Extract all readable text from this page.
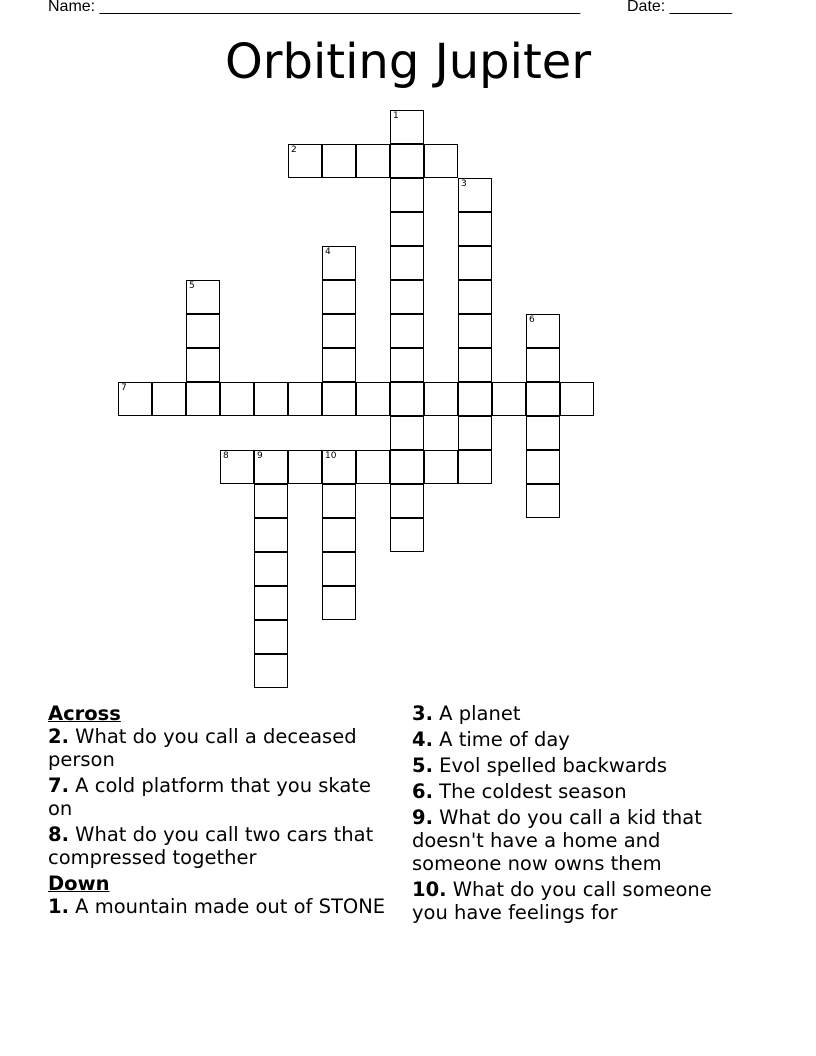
Name: ______________________________________________________	Date: _______
Orbiting Jupiter
1
2
3
4
5
6
7
8	9	10
Across
2. What do you call a deceased person
7. A cold platform that you skate on
8. What do you call two cars that compressed together
Down
1. A mountain made out of STONE
3. A planet
4. A time of day
5. Evol spelled backwards
6. The coldest season
9. What do you call a kid that doesn't have a home and someone now owns them
10. What do you call someone you have feelings for
